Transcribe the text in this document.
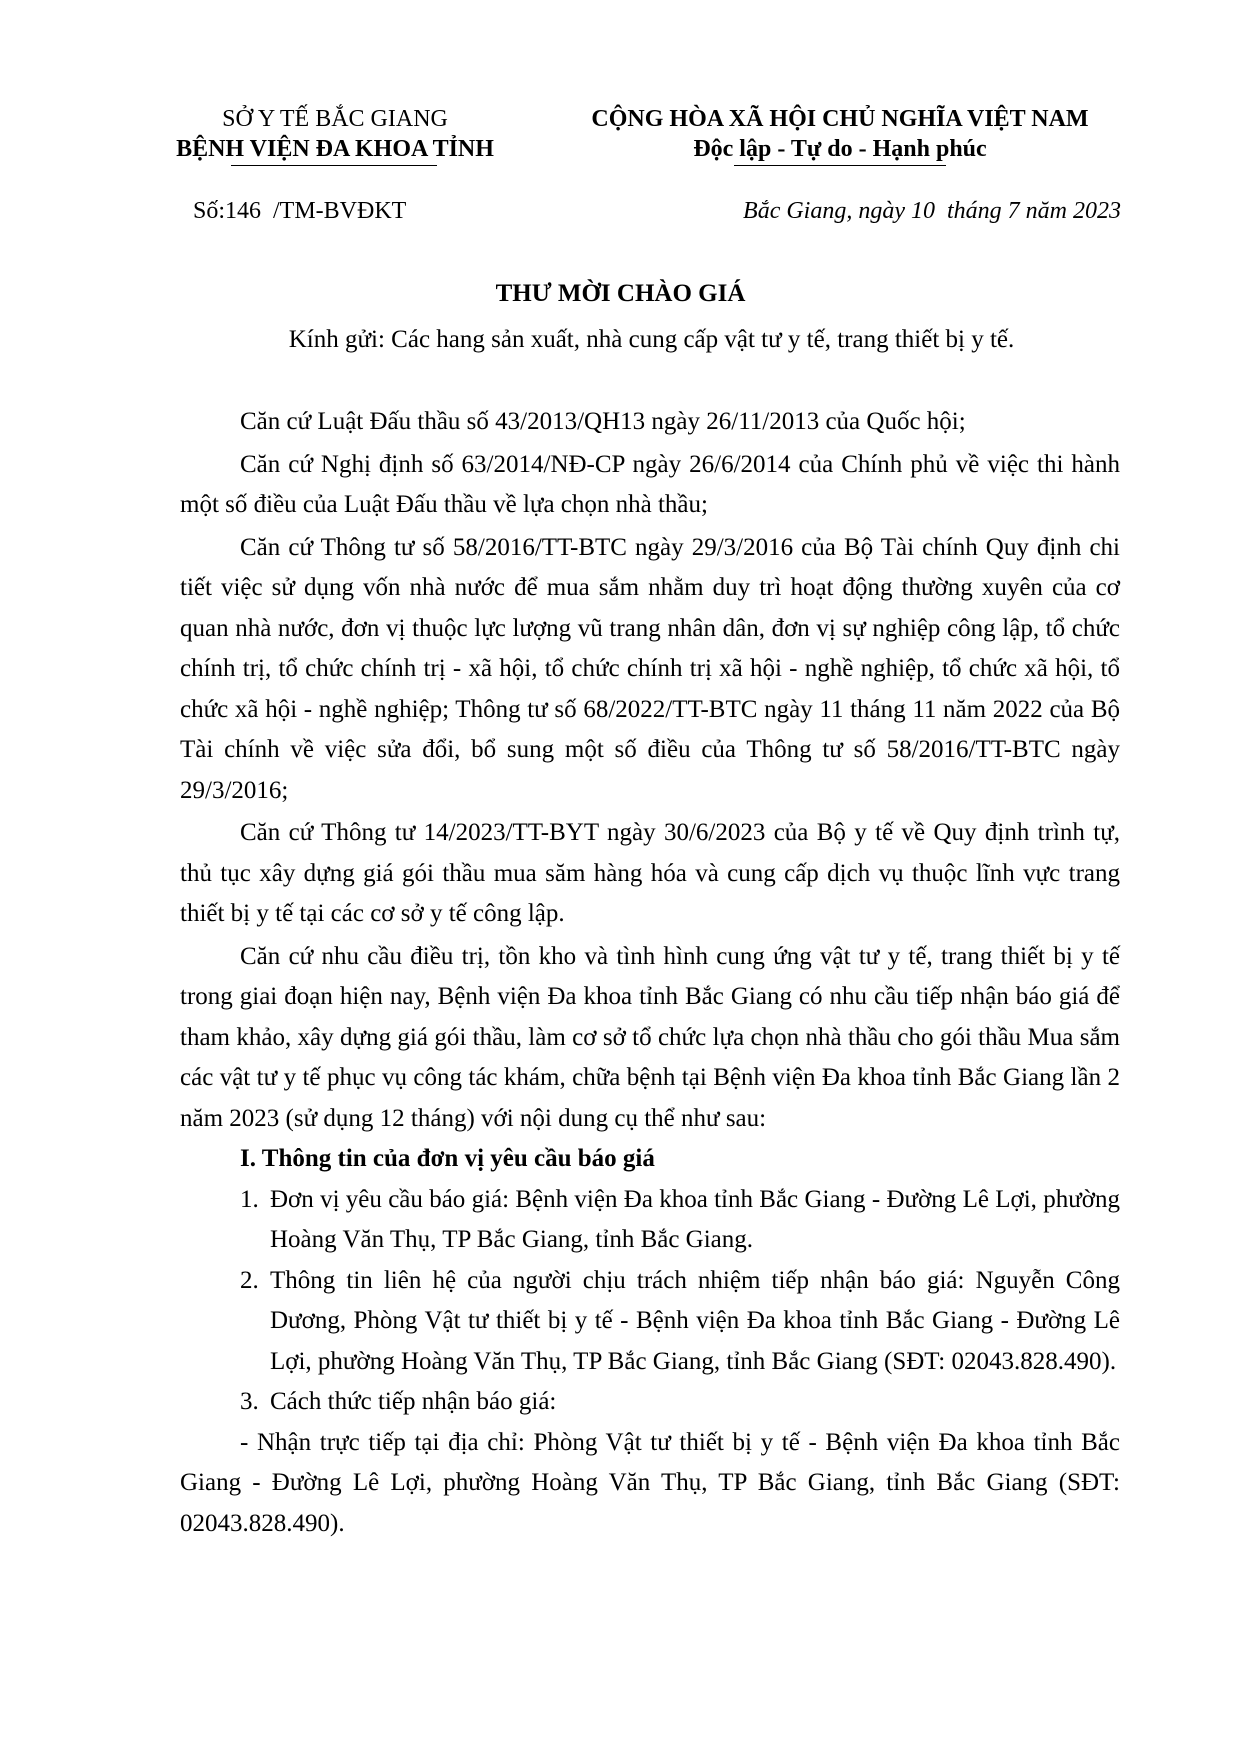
SỞ Y TẾ BẮC GIANG
BỆNH VIỆN ĐA KHOA TỈNH
CỘNG HÒA XÃ HỘI CHỦ NGHĨA VIỆT NAM
Độc lập - Tự do - Hạnh phúc
Số:146  /TM-BVĐKT	Bắc Giang, ngày 10  tháng 7 năm 2023
THƯ MỜI CHÀO GIÁ
Kính gửi: Các hang sản xuất, nhà cung cấp vật tư y tế, trang thiết bị y tế.

Căn cứ Luật Đấu thầu số 43/2013/QH13 ngày 26/11/2013 của Quốc hội;

Căn cứ Nghị định số 63/2014/NĐ-CP ngày 26/6/2014 của Chính phủ về việc thi hành một số điều của Luật Đấu thầu về lựa chọn nhà thầu;

Căn cứ Thông tư số 58/2016/TT-BTC ngày 29/3/2016 của Bộ Tài chính Quy định chi tiết việc sử dụng vốn nhà nước để mua sắm nhằm duy trì hoạt động thường xuyên của cơ quan nhà nước, đơn vị thuộc lực lượng vũ trang nhân dân, đơn vị sự nghiệp công lập, tổ chức chính trị, tổ chức chính trị - xã hội, tổ chức chính trị xã hội - nghề nghiệp, tổ chức xã hội, tổ chức xã hội - nghề nghiệp; Thông tư số 68/2022/TT-BTC ngày 11 tháng 11 năm 2022 của Bộ Tài chính về việc sửa đổi, bổ sung một số điều của Thông tư số 58/2016/TT-BTC ngày 29/3/2016;

Căn cứ Thông tư 14/2023/TT-BYT ngày 30/6/2023 của Bộ y tế về Quy định trình tự, thủ tục xây dựng giá gói thầu mua săm hàng hóa và cung cấp dịch vụ thuộc lĩnh vực trang thiết bị y tế tại các cơ sở y tế công lập.

Căn cứ nhu cầu điều trị, tồn kho và tình hình cung ứng vật tư y tế, trang thiết bị y tế trong giai đoạn hiện nay, Bệnh viện Đa khoa tỉnh Bắc Giang có nhu cầu tiếp nhận báo giá để tham khảo, xây dựng giá gói thầu, làm cơ sở tổ chức lựa chọn nhà thầu cho gói thầu Mua sắm các vật tư y tế phục vụ công tác khám, chữa bệnh tại Bệnh viện Đa khoa tỉnh Bắc Giang lần 2 năm 2023 (sử dụng 12 tháng) với nội dung cụ thể như sau:

I. Thông tin của đơn vị yêu cầu báo giá
1. Đơn vị yêu cầu báo giá: Bệnh viện Đa khoa tỉnh Bắc Giang - Đường Lê Lợi, phường Hoàng Văn Thụ, TP Bắc Giang, tỉnh Bắc Giang.
2. Thông tin liên hệ của người chịu trách nhiệm tiếp nhận báo giá: Nguyễn Công Dương, Phòng Vật tư thiết bị y tế - Bệnh viện Đa khoa tỉnh Bắc Giang - Đường Lê Lợi, phường Hoàng Văn Thụ, TP Bắc Giang, tỉnh Bắc Giang (SĐT: 02043.828.490).
3. Cách thức tiếp nhận báo giá:

- Nhận trực tiếp tại địa chỉ: Phòng Vật tư thiết bị y tế - Bệnh viện Đa khoa tỉnh Bắc Giang - Đường Lê Lợi, phường Hoàng Văn Thụ, TP Bắc Giang, tỉnh Bắc Giang (SĐT: 02043.828.490).
